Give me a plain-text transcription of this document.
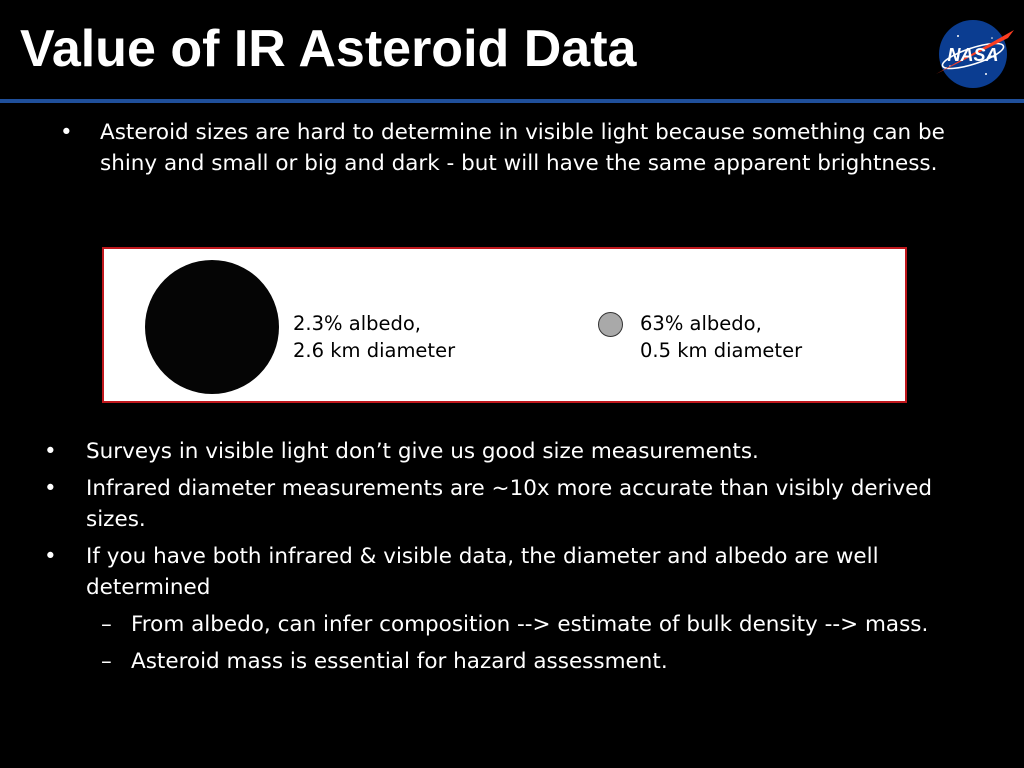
Value of IR Asteroid Data	NASA
•	Asteroid sizes are hard to determine in visible light because something can be shiny and small or big and dark - but will have the same apparent brightness.
2.3% albedo,
2.6 km diameter
63% albedo,
0.5 km diameter
• Surveys in visible light don’t give us good size measurements.
• Infrared diameter measurements are ~10x more accurate than visibly derived sizes.
• If you have both infrared & visible data, the diameter and albedo are well determined
– From albedo, can infer composition --> estimate of bulk density --> mass.
– Asteroid mass is essential for hazard assessment.
